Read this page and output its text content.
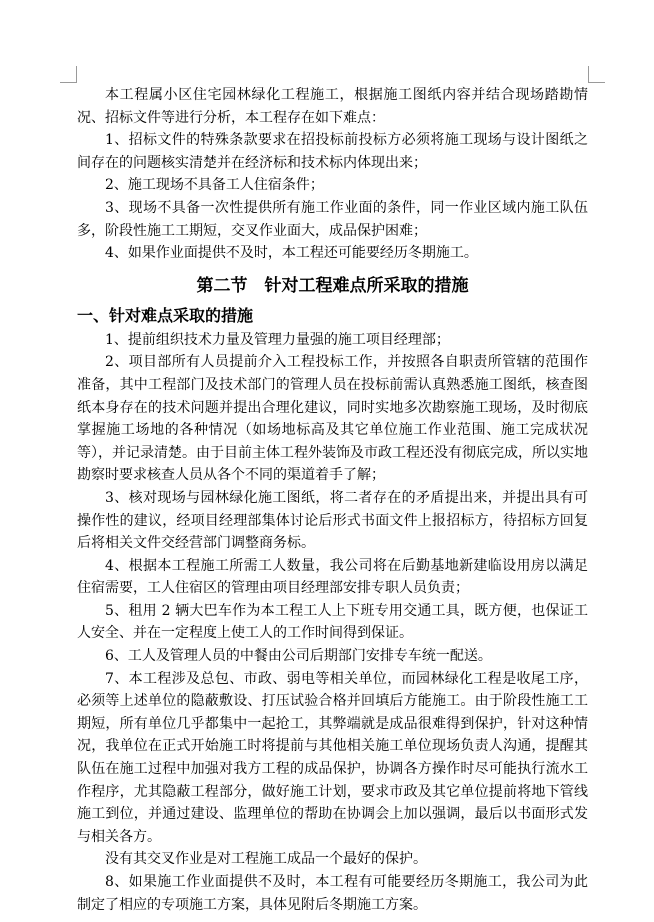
本工程属小区住宅园林绿化工程施工，根据施工图纸内容并结合现场踏勘情况、招标文件等进行分析，本工程存在如下难点：

1、招标文件的特殊条款要求在招投标前投标方必须将施工现场与设计图纸之间存在的问题核实清楚并在经济标和技术标内体现出来；

2、施工现场不具备工人住宿条件；

3、现场不具备一次性提供所有施工作业面的条件，同一作业区域内施工队伍多，阶段性施工工期短，交叉作业面大，成品保护困难；

4、如果作业面提供不及时，本工程还可能要经历冬期施工。

第二节　针对工程难点所采取的措施
一、针对难点采取的措施

1、提前组织技术力量及管理力量强的施工项目经理部；

2、项目部所有人员提前介入工程投标工作，并按照各自职责所管辖的范围作准备，其中工程部门及技术部门的管理人员在投标前需认真熟悉施工图纸，核查图纸本身存在的技术问题并提出合理化建议，同时实地多次勘察施工现场，及时彻底掌握施工场地的各种情况（如场地标高及其它单位施工作业范围、施工完成状况等），并记录清楚。由于目前主体工程外装饰及市政工程还没有彻底完成，所以实地勘察时要求核查人员从各个不同的渠道着手了解；

3、核对现场与园林绿化施工图纸，将二者存在的矛盾提出来，并提出具有可操作性的建议，经项目经理部集体讨论后形式书面文件上报招标方，待招标方回复后将相关文件交经营部门调整商务标。

4、根据本工程施工所需工人数量，我公司将在后勤基地新建临设用房以满足住宿需要，工人住宿区的管理由项目经理部安排专职人员负责；

5、租用 2 辆大巴车作为本工程工人上下班专用交通工具，既方便，也保证工人安全、并在一定程度上使工人的工作时间得到保证。

6、工人及管理人员的中餐由公司后期部门安排专车统一配送。

7、本工程涉及总包、市政、弱电等相关单位，而园林绿化工程是收尾工序，必须等上述单位的隐蔽敷设、打压试验合格并回填后方能施工。由于阶段性施工工期短，所有单位几乎都集中一起抢工，其弊端就是成品很难得到保护，针对这种情况，我单位在正式开始施工时将提前与其他相关施工单位现场负责人沟通，提醒其队伍在施工过程中加强对我方工程的成品保护，协调各方操作时尽可能执行流水工作程序，尤其隐蔽工程部分，做好施工计划，要求市政及其它单位提前将地下管线施工到位，并通过建设、监理单位的帮助在协调会上加以强调，最后以书面形式发与相关各方。

没有其交叉作业是对工程施工成品一个最好的保护。

8、如果施工作业面提供不及时，本工程有可能要经历冬期施工，我公司为此制定了相应的专项施工方案，具体见附后冬期施工方案。
